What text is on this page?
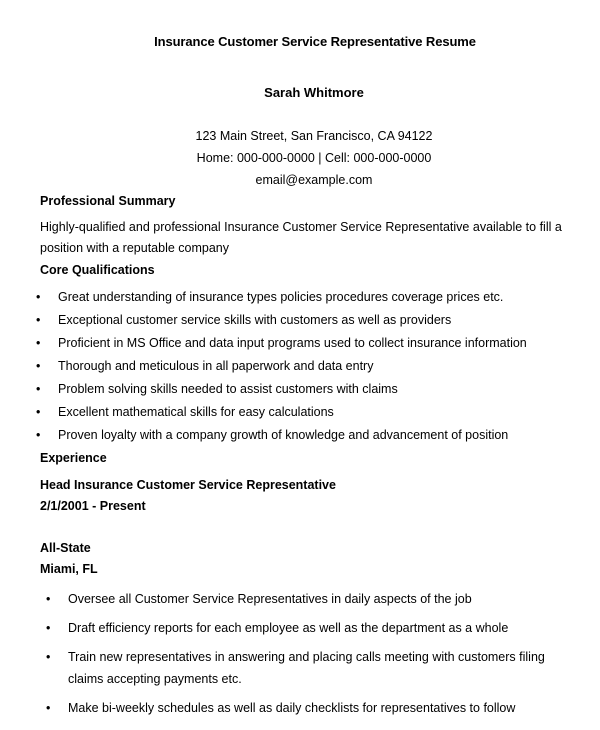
Insurance Customer Service Representative Resume
Sarah Whitmore
123 Main Street, San Francisco, CA 94122
Home: 000-000-0000 | Cell: 000-000-0000
email@example.com
Professional Summary
Highly-qualified and professional Insurance Customer Service Representative available to fill a position with a reputable company
Core Qualifications
• Great understanding of insurance types policies procedures coverage prices etc.
• Exceptional customer service skills with customers as well as providers
• Proficient in MS Office and data input programs used to collect insurance information
• Thorough and meticulous in all paperwork and data entry
• Problem solving skills needed to assist customers with claims
• Excellent mathematical skills for easy calculations
• Proven loyalty with a company growth of knowledge and advancement of position
Experience
Head Insurance Customer Service Representative
2/1/2001 - Present
All-State
Miami, FL
• Oversee all Customer Service Representatives in daily aspects of the job
• Draft efficiency reports for each employee as well as the department as a whole
• Train new representatives in answering and placing calls meeting with customers filing claims accepting payments etc.
• Make bi-weekly schedules as well as daily checklists for representatives to follow
